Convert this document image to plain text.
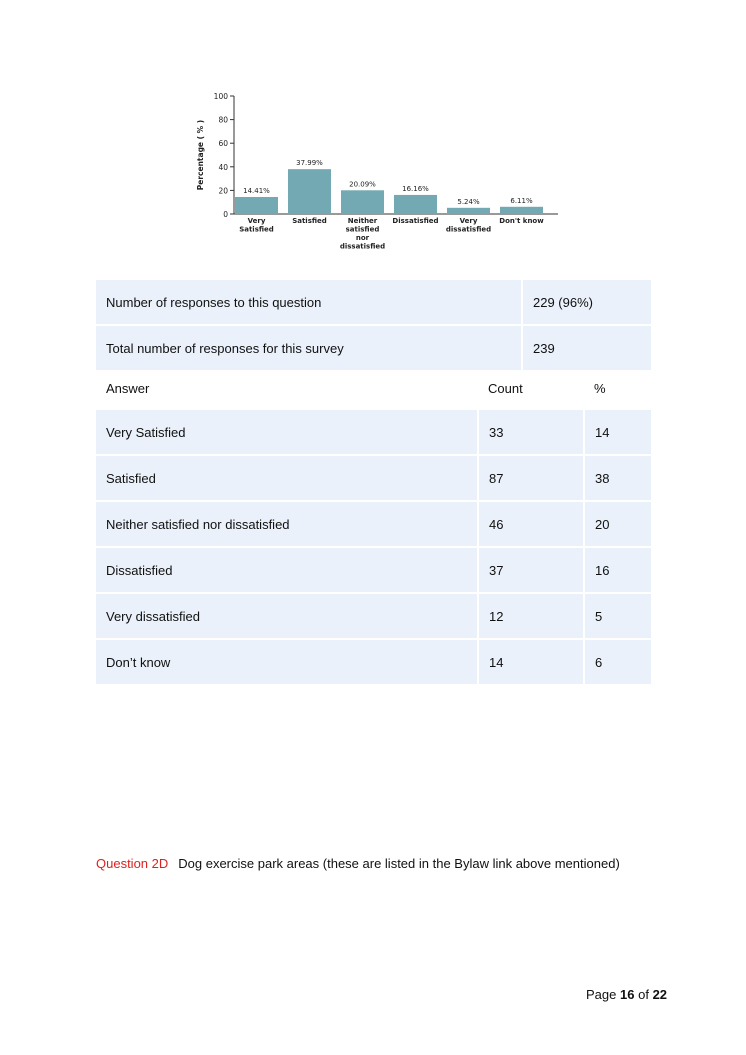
0
20
40
60
80
100
Percentage ( % )
14.41%
Very Satisfied
37.99%
Satisfied
20.09%
Neither satisfied nor dissatisfied
16.16%
Dissatisfied
5.24%
Very dissatisfied
6.11%
Don't know
Number of responses to this question	229 (96%)
Total number of responses for this survey	239
Answer	Count	%
Very Satisfied	33	14
Satisfied	87	38
Neither satisfied nor dissatisfied	46	20
Dissatisfied	37	16
Very dissatisfied	12	5
Don’t know	14	6
Question 2D Dog exercise park areas (these are listed in the Bylaw link above mentioned)
Page 16 of 22
